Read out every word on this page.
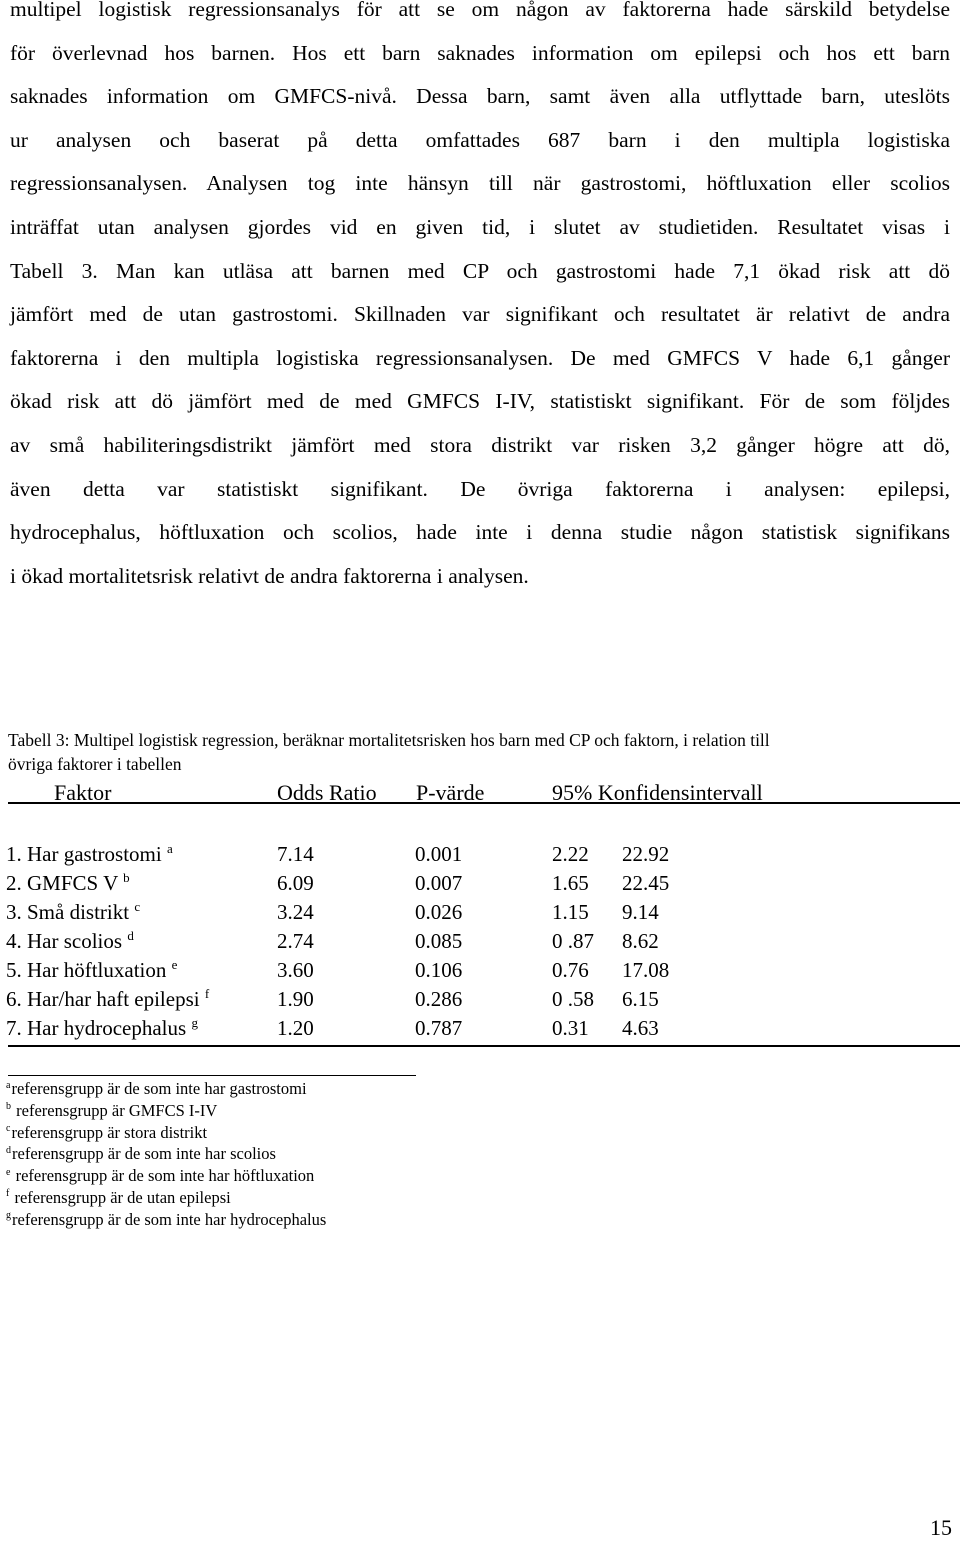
multipel logistisk regressionsanalys för att se om någon av faktorerna hade särskild betydelse
för överlevnad hos barnen. Hos ett barn saknades information om epilepsi och hos ett barn
saknades information om GMFCS-nivå. Dessa barn, samt även alla utflyttade barn, uteslöts
ur analysen och baserat på detta omfattades 687 barn i den multipla logistiska
regressionsanalysen. Analysen tog inte hänsyn till när gastrostomi, höftluxation eller scolios
inträffat utan analysen gjordes vid en given tid, i slutet av studietiden. Resultatet visas i
Tabell 3. Man kan utläsa att barnen med CP och gastrostomi hade 7,1 ökad risk att dö
jämfört med de utan gastrostomi. Skillnaden var signifikant och resultatet är relativt de andra
faktorerna i den multipla logistiska regressionsanalysen. De med GMFCS V hade 6,1 gånger
ökad risk att dö jämfört med de med GMFCS I-IV, statistiskt signifikant. För de som följdes
av små habiliteringsdistrikt jämfört med stora distrikt var risken 3,2 gånger högre att dö,
även detta var statistiskt signifikant. De övriga faktorerna i analysen: epilepsi,
hydrocephalus, höftluxation och scolios, hade inte i denna studie någon statistisk signifikans
i ökad mortalitetsrisk relativt de andra faktorerna i analysen.
Tabell 3: Multipel logistisk regression, beräknar mortalitetsrisken hos barn med CP och faktorn, i relation till
övriga faktorer i tabellen
Faktor	Odds Ratio P-värde	95% Konfidensintervall
1. Har gastrostomi $^a$	7.14	0.001	2.22 22.92
2. GMFCS V $^b$	6.09	0.007	1.65 22.45
3. Små distrikt $^c$	3.24	0.026	1.15 9.14
4. Har scolios $^d$	2.74	0.085	0 .87 8.62
5. Har höftluxation $^e$	3.60	0.106	0.76 17.08
6. Har/har haft epilepsi $^f$	1.90	0.286	0 .58 6.15
7. Har hydrocephalus $^g$	1.20	0.787	0.31 4.63
$^a$referensgrupp är de som inte har gastrostomi
$^b$ referensgrupp är GMFCS I-IV
$^c$referensgrupp är stora distrikt
$^d$referensgrupp är de som inte har scolios
$^e$ referensgrupp är de som inte har höftluxation
$^f$ referensgrupp är de utan epilepsi
$^g$referensgrupp är de som inte har hydrocephalus
15
